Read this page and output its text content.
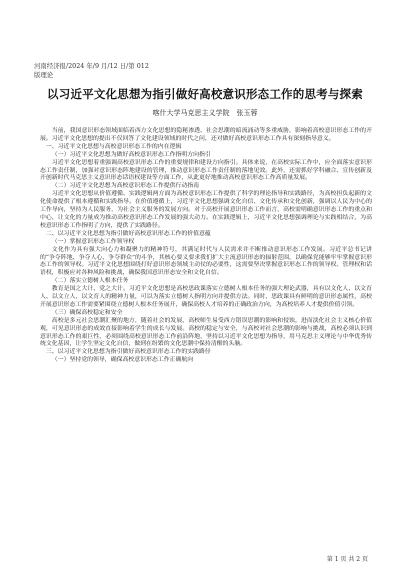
河南经济报/2024 年/9 月/12 日/第 012
版理论
以习近平文化思想为指引做好高校意识形态工作的思考与探索
喀什大学马克思主义学院　张玉蓉

当前，我国意识形态领域面临着西方文化思想的隐秘渗透、社会思潮的暗流涌动等多重威胁，影响着高校意识形态工作的开展。习近平文化思想的提出不仅回答了文化建设领域的时代之问，还对做好高校意识形态工作具有深刻指导意义。

一、习近平文化思想与高校意识形态工作的内在逻辑

（一）习近平文化思想为做好高校意识形态工作指明方向指引

习近平文化思想着重强调高校意识形态工作的重要规律和建设方向指引。具体来说，在高校实际工作中，应全面落实意识形态工作责任制，加强对意识形态阵地建设的管理，推动意识形态工作责任制的落地见效。此外，还需抓好学科融合、宣传创新及开创新时代马克思主义意识形态话语权建设等方面工作，从此更好地推动高校意识形态工作高质量发展。

（二）习近平文化思想为高校意识形态工作提供行动指南

习近平文化思想从价值遵循、实践逻辑两方面为高校意识形态工作提供了科学的理论指导和实践路径，为高校担负起新的文化使命提供了根本遵循和实践指导。在价值遵循上，习近平文化思想强调文化自信、文化传承和文化创新，强调以人民为中心的工作导向，坚持为人民服务，为社会主义服务的发展方向。对于高校开展意识形态工作而言，高校需明确意识形态工作的重点和中心，让文化的力量成为推动高校意识形态工作发展的强大动力。在实践逻辑上，习近平文化思想强调理论与实践相结合，为高校意识形态工作指明了方向，提供了实践路径。

二、以习近平文化思想为指引做好高校意识形态工作的价值意蕴

（一）掌握意识形态工作领导权

文化作为具有强大向心力和凝聚力的精神符号，其满足时代与人民需求并不断推动意识形态工作发展。习近平总书记讲的“争夺阵地、争夺人心、争夺群众”的斗争，其核心要义要求我们扩大主流意识形态的辐射范围，以确保党能够牢牢掌握意识形态工作的领导权。习近平文化思想围绕打好意识形态领域主动仗的必要性，这需要坚决掌握意识形态工作的领导权、管理权和话语权，积极应对各种风险和挑战，确保我国意识形态安全和文化自信。

（二）落实立德树人根本任务

教育是国之大计、党之大计。习近平文化思想是高校思政课落实立德树人根本任务的强大理论武器，具有以文化人、以文育人、以文立人，以文育人的精神力量，可以为落实立德树人指明方向并提供方法。同时，思政课具有鲜明的意识形态属性，高校开展意识形态工作需要紧围绕立德树人根本任务展开，确保高校人才培养的正确政治方向，为高校培养人才提供价值引领。

（三）确保高校稳定和安全

高校是多元社会思潮汇聚的地方，随着社会的发展，高校师生易受西方错误思潮的影响和侵蚀，进而淡化社会主义核心价值观，可见意识形态的成效直接影响着学生的成长与发展。高校的稳定与安全，与高校对社会思潮的影响与挑战，高校必须认识到意识形态工作的艰巨性，必须围绕高校意识形态工作前沿阵地，坚持以习近平文化思想为指导，用马克思主义理论与中华优秀传统文化基因，让学生坚定文化自信，做到在纷繁的文化思潮中保持清醒的头脑。

三、以习近平文化思想为指引做好高校意识形态工作的实践路径

（一）坚持党的领导，确保高校意识形态工作正确航向

第 1 页 共 2 页
